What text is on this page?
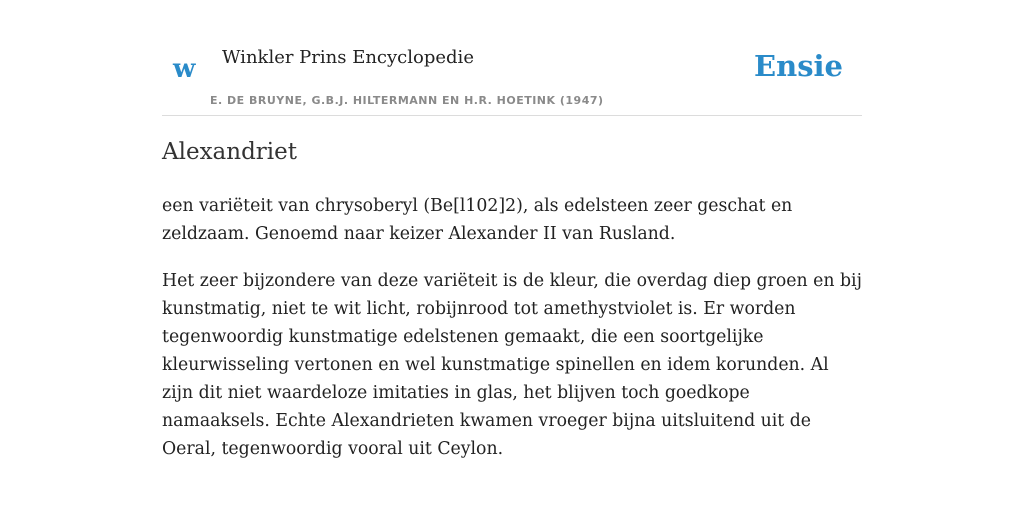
w Winkler Prins Encyclopedie
E. DE BRUYNE, G.B.J. HILTERMANN EN H.R. HOETINK (1947)
Ensie
Alexandriet

een variëteit van chrysoberyl (Be[l102]2), als edelsteen zeer geschat en zeldzaam. Genoemd naar keizer Alexander II van Rusland.

Het zeer bijzondere van deze variëteit is de kleur, die overdag diep groen en bij kunstmatig, niet te wit licht, robijnrood tot amethystviolet is. Er worden tegenwoordig kunstmatige edelstenen gemaakt, die een soortgelijke kleurwisseling vertonen en wel kunstmatige spinellen en idem korunden. Al zijn dit niet waardeloze imitaties in glas, het blijven toch goedkope namaaksels. Echte Alexandrieten kwamen vroeger bijna uitsluitend uit de Oeral, tegenwoordig vooral uit Ceylon.
